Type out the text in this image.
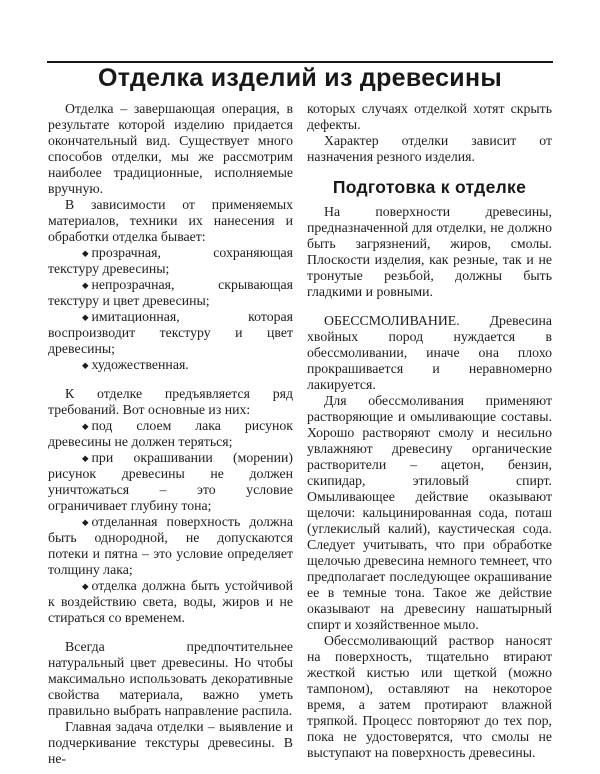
Отделка изделий из древесины

Отделка – завершающая операция, в результате которой изделию придается окончательный вид. Существует много способов отделки, мы же рассмотрим наиболее традиционные, исполняемые вручную.

В зависимости от применяемых материалов, техники их нанесения и обработки отделка бывает:

◆ прозрачная, сохраняющая текстуру древесины;

◆ непрозрачная, скрывающая текстуру и цвет древесины;

◆ имитационная, которая воспроизводит текстуру и цвет древесины;

◆ художественная.

К отделке предъявляется ряд требований. Вот основные из них:

◆ под слоем лака рисунок древесины не должен теряться;

◆ при окрашивании (морении) рисунок древесины не должен уничтожаться – это условие ограничивает глубину тона;

◆ отделанная поверхность должна быть однородной, не допускаются потеки и пятна – это условие определяет толщину лака;

◆ отделка должна быть устойчивой к воздействию света, воды, жиров и не стираться со временем.

Всегда предпочтительнее натуральный цвет древесины. Но чтобы максимально использовать декоративные свойства материала, важно уметь правильно выбрать направление распила.

Главная задача отделки – выявление и подчеркивание текстуры древесины. В не-

которых случаях отделкой хотят скрыть дефекты.

Характер отделки зависит от назначения резного изделия.

Подготовка к отделке

На поверхности древесины, предназначенной для отделки, не должно быть загрязнений, жиров, смолы. Плоскости изделия, как резные, так и не тронутые резьбой, должны быть гладкими и ровными.

ОБЕССМОЛИВАНИЕ. Древесина хвойных пород нуждается в обессмоливании, иначе она плохо прокрашивается и неравномерно лакируется.

Для обессмоливания применяют растворяющие и омыливающие составы. Хорошо растворяют смолу и несильно увлажняют древесину органические растворители – ацетон, бензин, скипидар, этиловый спирт. Омыливающее действие оказывают щелочи: кальцинированная сода, поташ (углекислый калий), каустическая сода. Следует учитывать, что при обработке щелочью древесина немного темнеет, что предполагает последующее окрашивание ее в темные тона. Такое же действие оказывают на древесину нашатырный спирт и хозяйственное мыло.

Обессмоливающий раствор наносят на поверхность, тщательно втирают жесткой кистью или щеткой (можно тампоном), оставляют на некоторое время, а затем протирают влажной тряпкой. Процесс повторяют до тех пор, пока не удостоверятся, что смолы не выступают на поверхность древесины.
